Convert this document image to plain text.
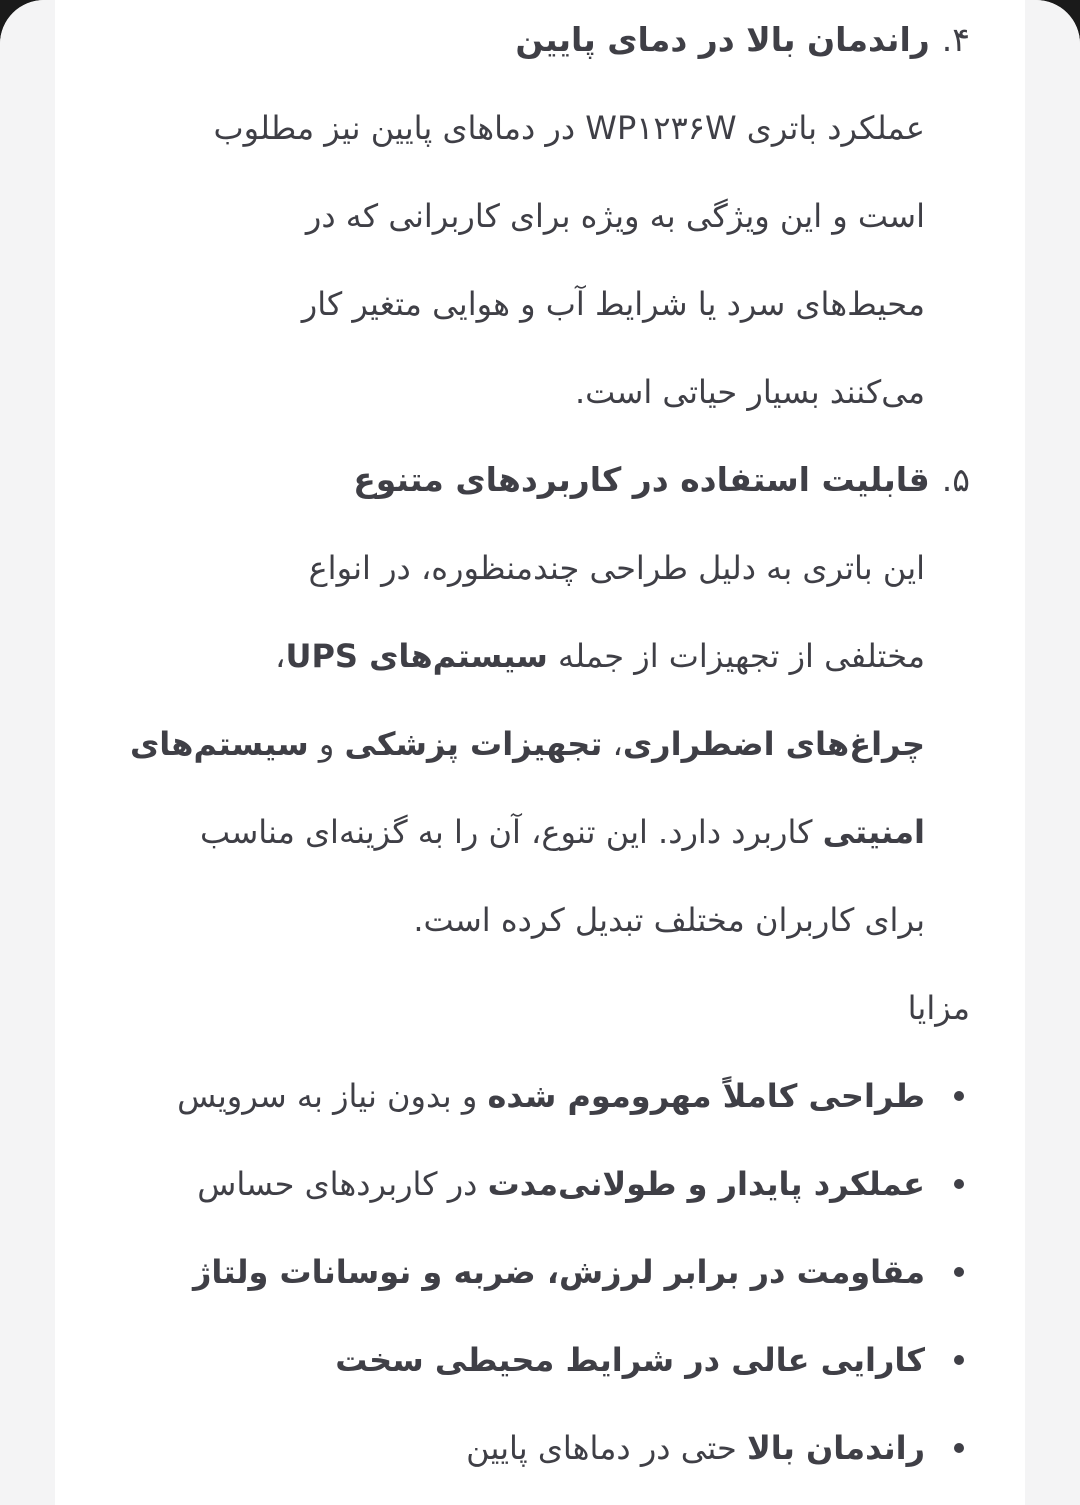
۴.راندمان بالا در دمای پایین
عملکرد باتری WP۱۲۳۶W در دماهای پایین نیز مطلوب
است و این ویژگی به ویژه برای کاربرانی که در
محیط‌های سرد یا شرایط آب و هوایی متغیر کار
می‌کنند بسیار حیاتی است.
۵.قابلیت استفاده در کاربردهای متنوع
این باتری به دلیل طراحی چندمنظوره، در انواع
مختلفی از تجهیزات از جمله سیستم‌های UPS،
چراغ‌های اضطراری، تجهیزات پزشکی و سیستم‌های
امنیتی کاربرد دارد. این تنوع، آن را به گزینه‌ای مناسب
برای کاربران مختلف تبدیل کرده است.
مزایا
طراحی کاملاً مهروموم شده و بدون نیاز به سرویس
عملکرد پایدار و طولانی‌مدت در کاربردهای حساس
مقاومت در برابر لرزش، ضربه و نوسانات ولتاژ
کارایی عالی در شرایط محیطی سخت
راندمان بالا حتی در دماهای پایین
